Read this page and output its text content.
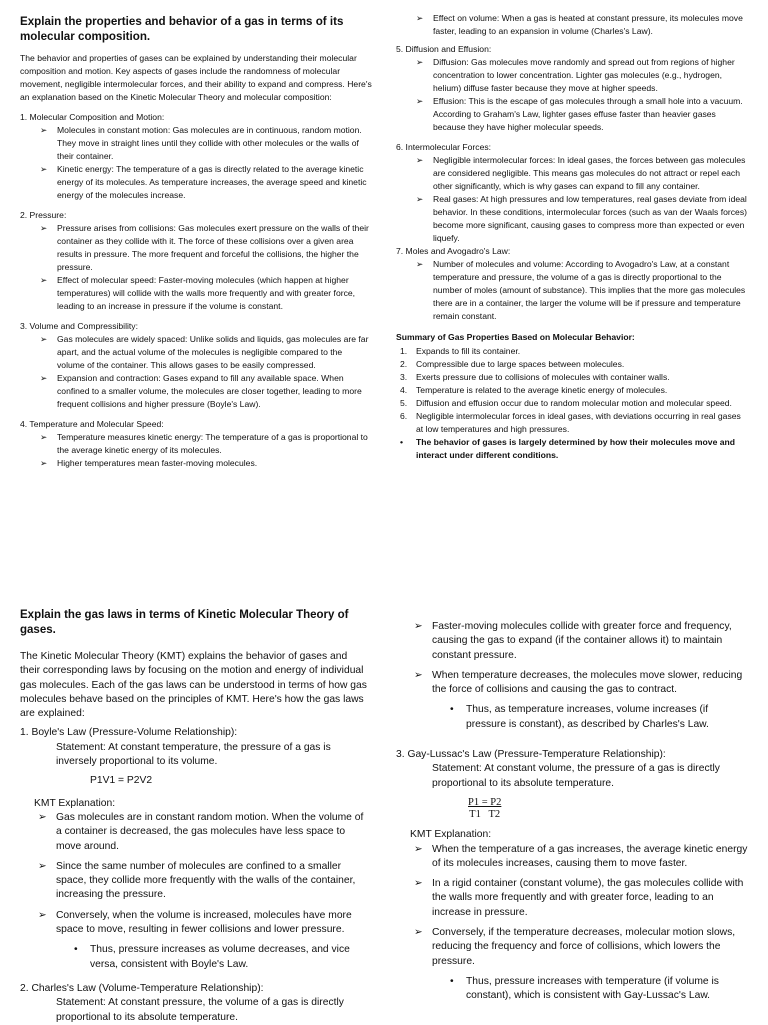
Explain the properties and behavior of a gas in terms of its molecular composition.

The behavior and properties of gases can be explained by understanding their molecular composition and motion. Key aspects of gases include the randomness of molecular movement, negligible intermolecular forces, and their ability to expand and compress. Here's an explanation based on the Kinetic Molecular Theory and molecular composition:

1. Molecular Composition and Motion:

➢
Molecules in constant motion: Gas molecules are in continuous, random motion. They move in straight lines until they collide with other molecules or the walls of their container.
➢
Kinetic energy: The temperature of a gas is directly related to the average kinetic energy of its molecules. As temperature increases, the average speed and kinetic energy of the molecules increase.

2. Pressure:

➢
Pressure arises from collisions: Gas molecules exert pressure on the walls of their container as they collide with it. The force of these collisions over a given area results in pressure. The more frequent and forceful the collisions, the higher the pressure.
➢
Effect of molecular speed: Faster-moving molecules (which happen at higher temperatures) will collide with the walls more frequently and with greater force, leading to an increase in pressure if the volume is constant.

3. Volume and Compressibility:

➢
Gas molecules are widely spaced: Unlike solids and liquids, gas molecules are far apart, and the actual volume of the molecules is negligible compared to the volume of the container. This allows gases to be easily compressed.
➢
Expansion and contraction: Gases expand to fill any available space. When confined to a smaller volume, the molecules are closer together, leading to more frequent collisions and higher pressure (Boyle's Law).

4. Temperature and Molecular Speed:

➢
Temperature measures kinetic energy: The temperature of a gas is proportional to the average kinetic energy of its molecules.
➢
Higher temperatures mean faster-moving molecules.
➢
Effect on volume: When a gas is heated at constant pressure, its molecules move faster, leading to an expansion in volume (Charles's Law).

5. Diffusion and Effusion:

➢
Diffusion: Gas molecules move randomly and spread out from regions of higher concentration to lower concentration. Lighter gas molecules (e.g., hydrogen, helium) diffuse faster because they move at higher speeds.
➢
Effusion: This is the escape of gas molecules through a small hole into a vacuum. According to Graham's Law, lighter gases effuse faster than heavier gases because they have higher molecular speeds.

6. Intermolecular Forces:

➢
Negligible intermolecular forces: In ideal gases, the forces between gas molecules are considered negligible. This means gas molecules do not attract or repel each other significantly, which is why gases can expand to fill any container.
➢
Real gases: At high pressures and low temperatures, real gases deviate from ideal behavior. In these conditions, intermolecular forces (such as van der Waals forces) become more significant, causing gases to compress more than expected or even liquefy.

7. Moles and Avogadro's Law:

➢
Number of molecules and volume: According to Avogadro's Law, at a constant temperature and pressure, the volume of a gas is directly proportional to the number of moles (amount of substance). This implies that the more gas molecules there are in a container, the larger the volume will be if pressure and temperature remain constant.

Summary of Gas Properties Based on Molecular Behavior:

1. Expands to fill its container.
2. Compressible due to large spaces between molecules.
3. Exerts pressure due to collisions of molecules with container walls.
4. Temperature is related to the average kinetic energy of molecules.
5. Diffusion and effusion occur due to random molecular motion and molecular speed.
6. Negligible intermolecular forces in ideal gases, with deviations occurring in real gases at low temperatures and high pressures.
•
The behavior of gases is largely determined by how their molecules move and interact under different conditions.

Explain the gas laws in terms of Kinetic Molecular Theory of gases.

The Kinetic Molecular Theory (KMT) explains the behavior of gases and their corresponding laws by focusing on the motion and energy of individual gas molecules. Each of the gas laws can be understood in terms of how gas molecules behave based on the principles of KMT. Here's how the gas laws are explained:

1. Boyle's Law (Pressure-Volume Relationship):

Statement: At constant temperature, the pressure of a gas is inversely proportional to its volume.

P1V1 = P2V2

KMT Explanation:

➢
Gas molecules are in constant random motion. When the volume of a container is decreased, the gas molecules have less space to move around.
➢
Since the same number of molecules are confined to a smaller space, they collide more frequently with the walls of the container, increasing the pressure.
➢
Conversely, when the volume is increased, molecules have more space to move, resulting in fewer collisions and lower pressure.
•
Thus, pressure increases as volume decreases, and vice versa, consistent with Boyle's Law.

2. Charles's Law (Volume-Temperature Relationship):

Statement: At constant pressure, the volume of a gas is directly proportional to its absolute temperature.

➢
Faster-moving molecules collide with greater force and frequency, causing the gas to expand (if the container allows it) to maintain constant pressure.
➢
When temperature decreases, the molecules move slower, reducing the force of collisions and causing the gas to contract.
•
Thus, as temperature increases, volume increases (if pressure is constant), as described by Charles's Law.

3. Gay-Lussac's Law (Pressure-Temperature Relationship):

Statement: At constant volume, the pressure of a gas is directly proportional to its absolute temperature.

$\frac{P1 = P2}{T1 T2}$

KMT Explanation:

➢
When the temperature of a gas increases, the average kinetic energy of its molecules increases, causing them to move faster.
➢
In a rigid container (constant volume), the gas molecules collide with the walls more frequently and with greater force, leading to an increase in pressure.
➢
Conversely, if the temperature decreases, molecular motion slows, reducing the frequency and force of collisions, which lowers the pressure.
•
Thus, pressure increases with temperature (if volume is constant), which is consistent with Gay-Lussac's Law.
